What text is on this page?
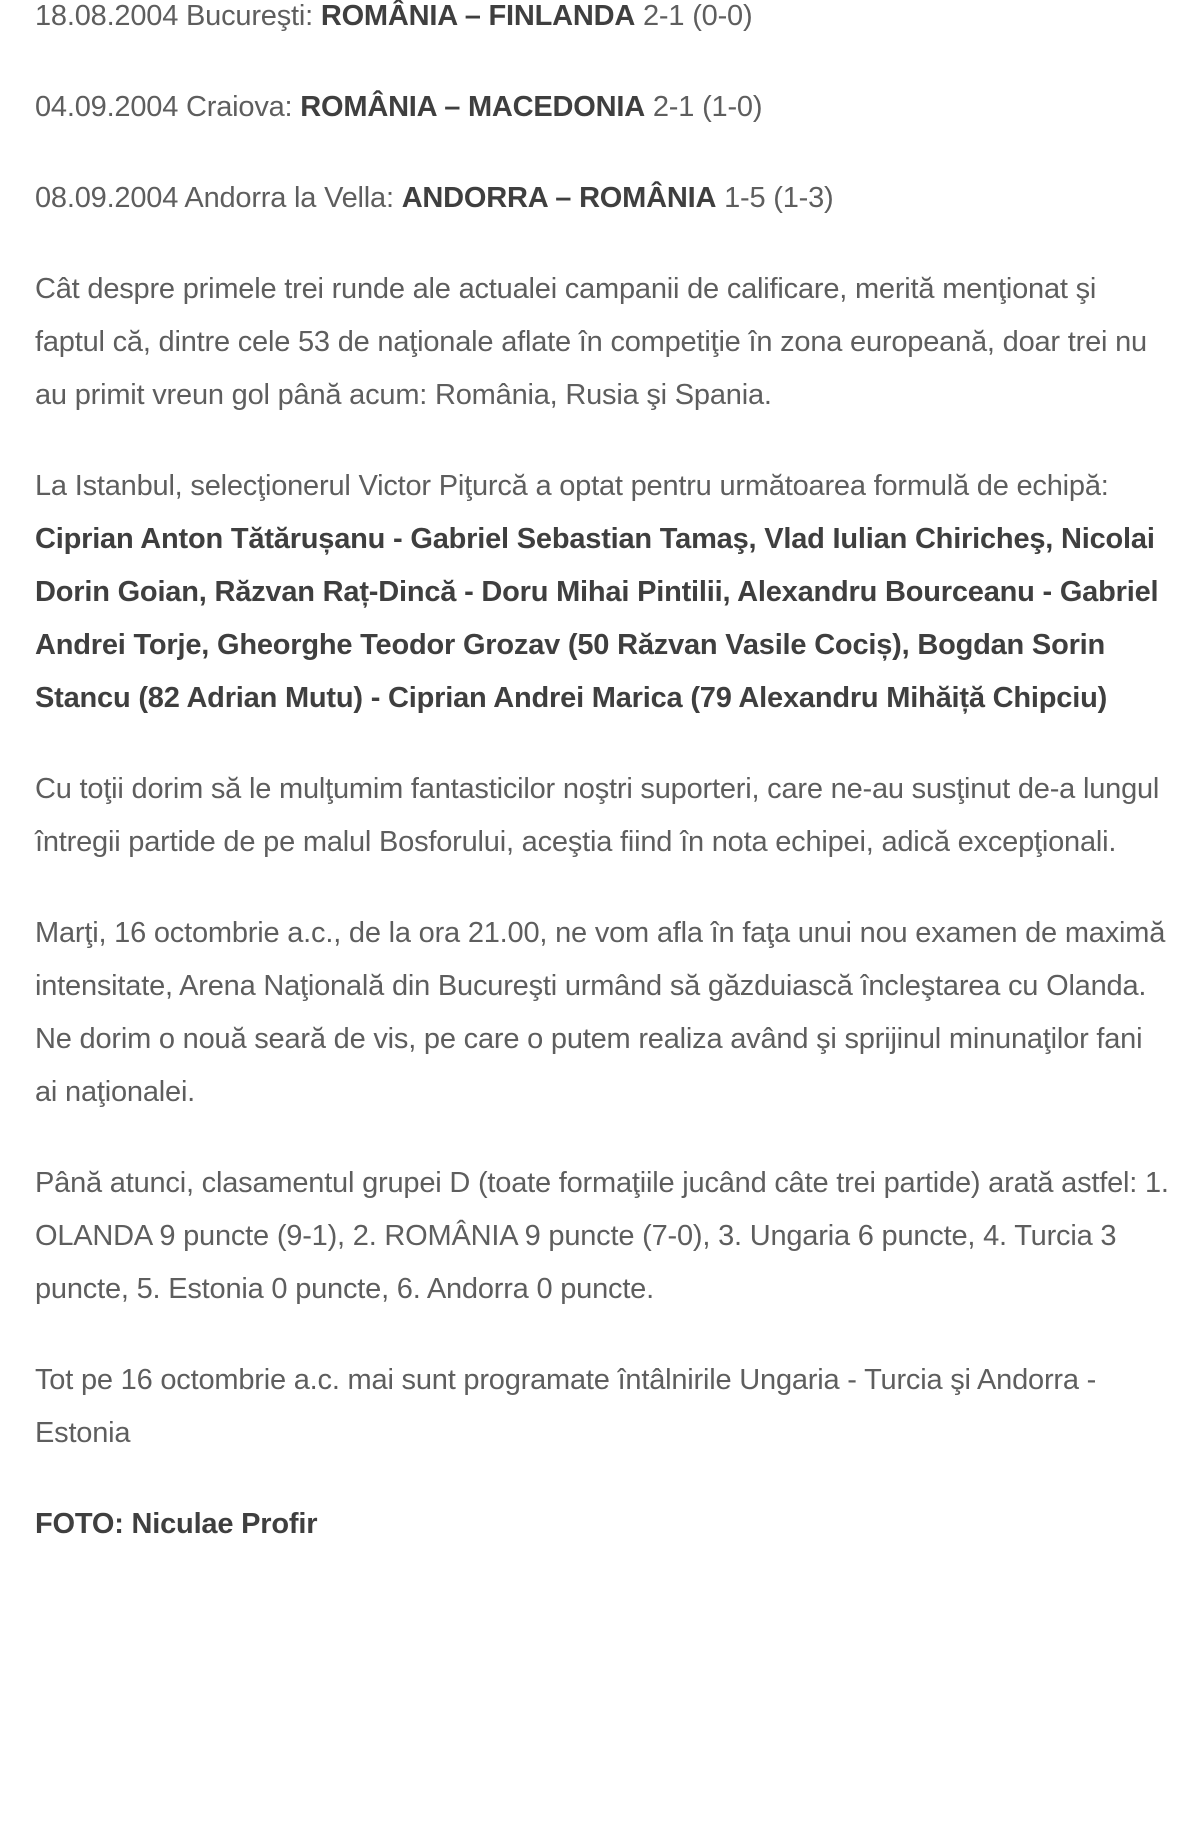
18.08.2004 Bucureşti: ROMÂNIA – FINLANDA 2-1 (0-0)

04.09.2004 Craiova: ROMÂNIA – MACEDONIA 2-1 (1-0)

08.09.2004 Andorra la Vella: ANDORRA – ROMÂNIA 1-5 (1-3)

Cât despre primele trei runde ale actualei campanii de calificare, merită menţionat şi faptul că, dintre cele 53 de naţionale aflate în competiţie în zona europeană, doar trei nu au primit vreun gol până acum: România, Rusia şi Spania.

La Istanbul, selecţionerul Victor Piţurcă a optat pentru următoarea formulă de echipă: Ciprian Anton Tătărușanu - Gabriel Sebastian Tamaş, Vlad Iulian Chiricheş, Nicolai Dorin Goian, Răzvan Raț-Dincă - Doru Mihai Pintilii, Alexandru Bourceanu - Gabriel Andrei Torje, Gheorghe Teodor Grozav (50 Răzvan Vasile Cociș), Bogdan Sorin Stancu (82 Adrian Mutu) - Ciprian Andrei Marica (79 Alexandru Mihăiță Chipciu)

Cu toţii dorim să le mulţumim fantasticilor noştri suporteri, care ne-au susţinut de-a lungul întregii partide de pe malul Bosforului, aceştia fiind în nota echipei, adică excepţionali.

Marţi, 16 octombrie a.c., de la ora 21.00, ne vom afla în faţa unui nou examen de maximă intensitate, Arena Naţională din Bucureşti urmând să găzduiască încleştarea cu Olanda. Ne dorim o nouă seară de vis, pe care o putem realiza având şi sprijinul minunaţilor fani ai naţionalei.

Până atunci, clasamentul grupei D (toate formaţiile jucând câte trei partide) arată astfel: 1. OLANDA 9 puncte (9-1), 2. ROMÂNIA 9 puncte (7-0), 3. Ungaria 6 puncte, 4. Turcia 3 puncte, 5. Estonia 0 puncte, 6. Andorra 0 puncte.

Tot pe 16 octombrie a.c. mai sunt programate întâlnirile Ungaria - Turcia şi Andorra - Estonia

FOTO: Niculae Profir
